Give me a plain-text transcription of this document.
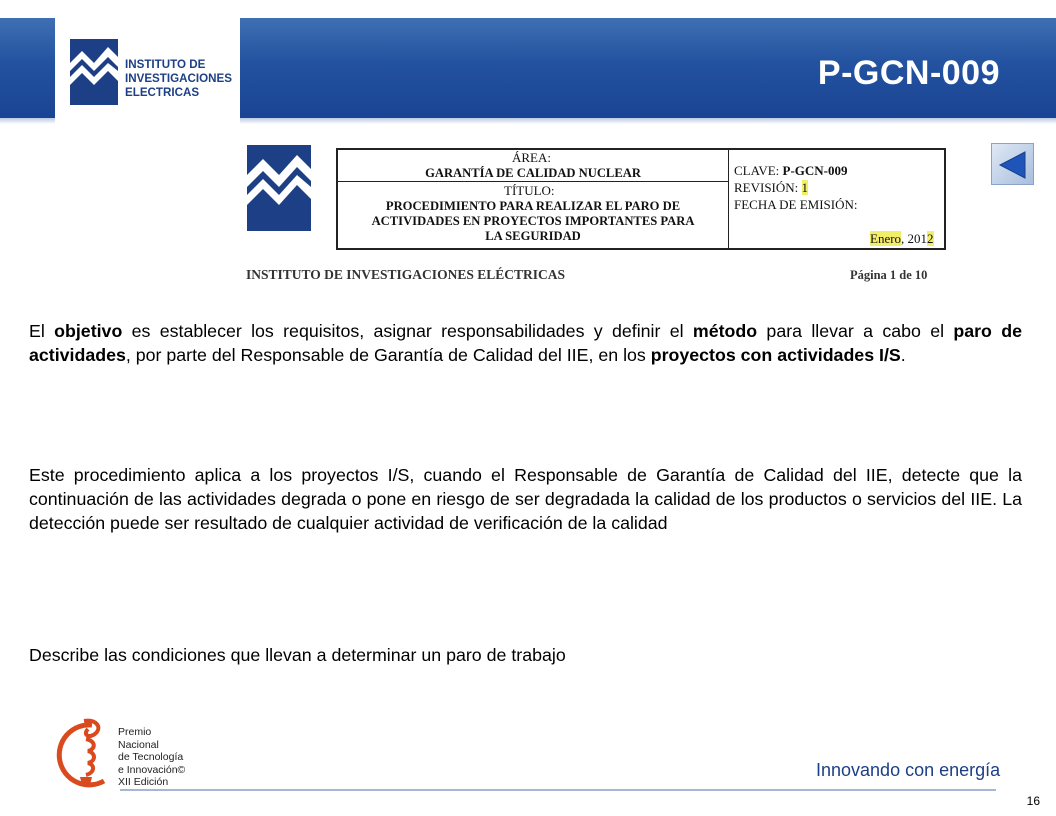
INSTITUTO DE
INVESTIGACIONES
ELECTRICAS
P-GCN-009
ÁREA:
GARANTÍA DE CALIDAD NUCLEAR
TÍTULO:
PROCEDIMIENTO PARA REALIZAR EL PARO DE
ACTIVIDADES EN PROYECTOS IMPORTANTES PARA
LA SEGURIDAD
CLAVE: P-GCN-009
REVISIÓN: 1
FECHA DE EMISIÓN:
Enero, 2012
INSTITUTO DE INVESTIGACIONES ELÉCTRICAS	Página 1 de 10
El objetivo es establecer los requisitos, asignar responsabilidades y definir el método para llevar a cabo el paro de actividades, por parte del Responsable de Garantía de Calidad del IIE, en los proyectos con actividades I/S.
Este procedimiento aplica a los proyectos I/S, cuando el Responsable de Garantía de Calidad del IIE, detecte que la continuación de las actividades degrada o pone en riesgo de ser degradada la calidad de los productos o servicios del IIE. La detección puede ser resultado de cualquier actividad de verificación de la calidad
Describe las condiciones que llevan a determinar un paro de trabajo
Premio
Nacional
de Tecnología
e Innovación©
XII Edición
Innovando con energía
16
